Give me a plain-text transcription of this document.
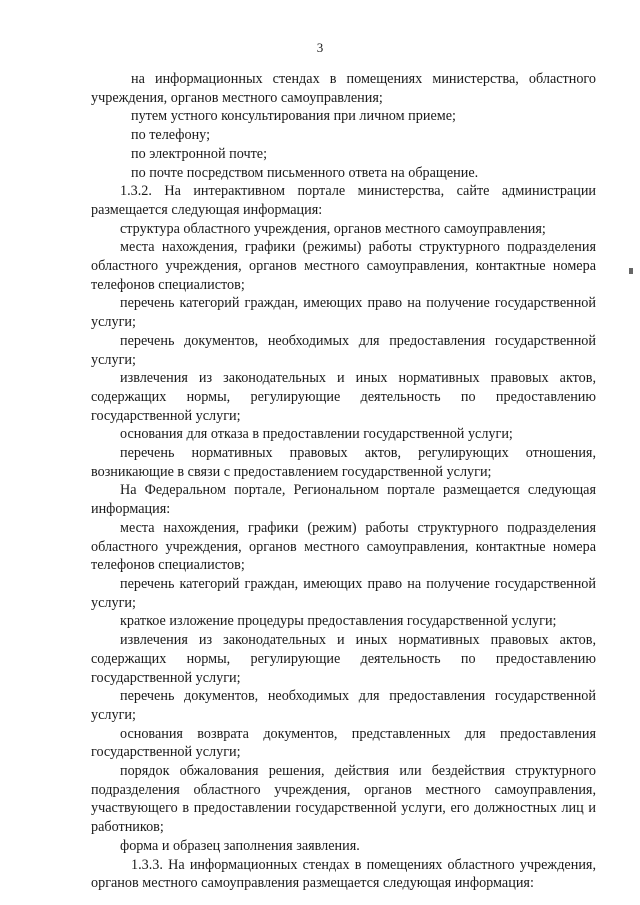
3

на информационных стендах в помещениях министерства, областного учреждения, органов местного самоуправления;

путем устного консультирования при личном приеме;

по телефону;

по электронной почте;

по почте посредством письменного ответа на обращение.

1.3.2. На интерактивном портале министерства, сайте администрации размещается следующая информация:

структура областного учреждения, органов местного самоуправления;

места нахождения, графики (режимы) работы структурного подразделения областного учреждения, органов местного самоуправления, контактные номера телефонов специалистов;

перечень категорий граждан, имеющих право на получение государственной услуги;

перечень документов, необходимых для предоставления государственной услуги;

извлечения из законодательных и иных нормативных правовых актов, содержащих нормы, регулирующие деятельность по предоставлению государственной услуги;

основания для отказа в предоставлении государственной услуги;

перечень нормативных правовых актов, регулирующих отношения, возникающие в связи с предоставлением государственной услуги;

На Федеральном портале, Региональном портале размещается следующая информация:

места нахождения, графики (режим) работы структурного подразделения областного учреждения, органов местного самоуправления, контактные номера телефонов специалистов;

перечень категорий граждан, имеющих право на получение государственной услуги;

краткое изложение процедуры предоставления государственной услуги;

извлечения из законодательных и иных нормативных правовых актов, содержащих нормы, регулирующие деятельность по предоставлению государственной услуги;

перечень документов, необходимых для предоставления государственной услуги;

основания возврата документов, представленных для предоставления государственной услуги;

порядок обжалования решения, действия или бездействия структурного подразделения областного учреждения, органов местного самоуправления, участвующего в предоставлении государственной услуги, его должностных лиц и работников;

форма и образец заполнения заявления.

1.3.3. На информационных стендах в помещениях областного учреждения, органов местного самоуправления размещается следующая информация:
